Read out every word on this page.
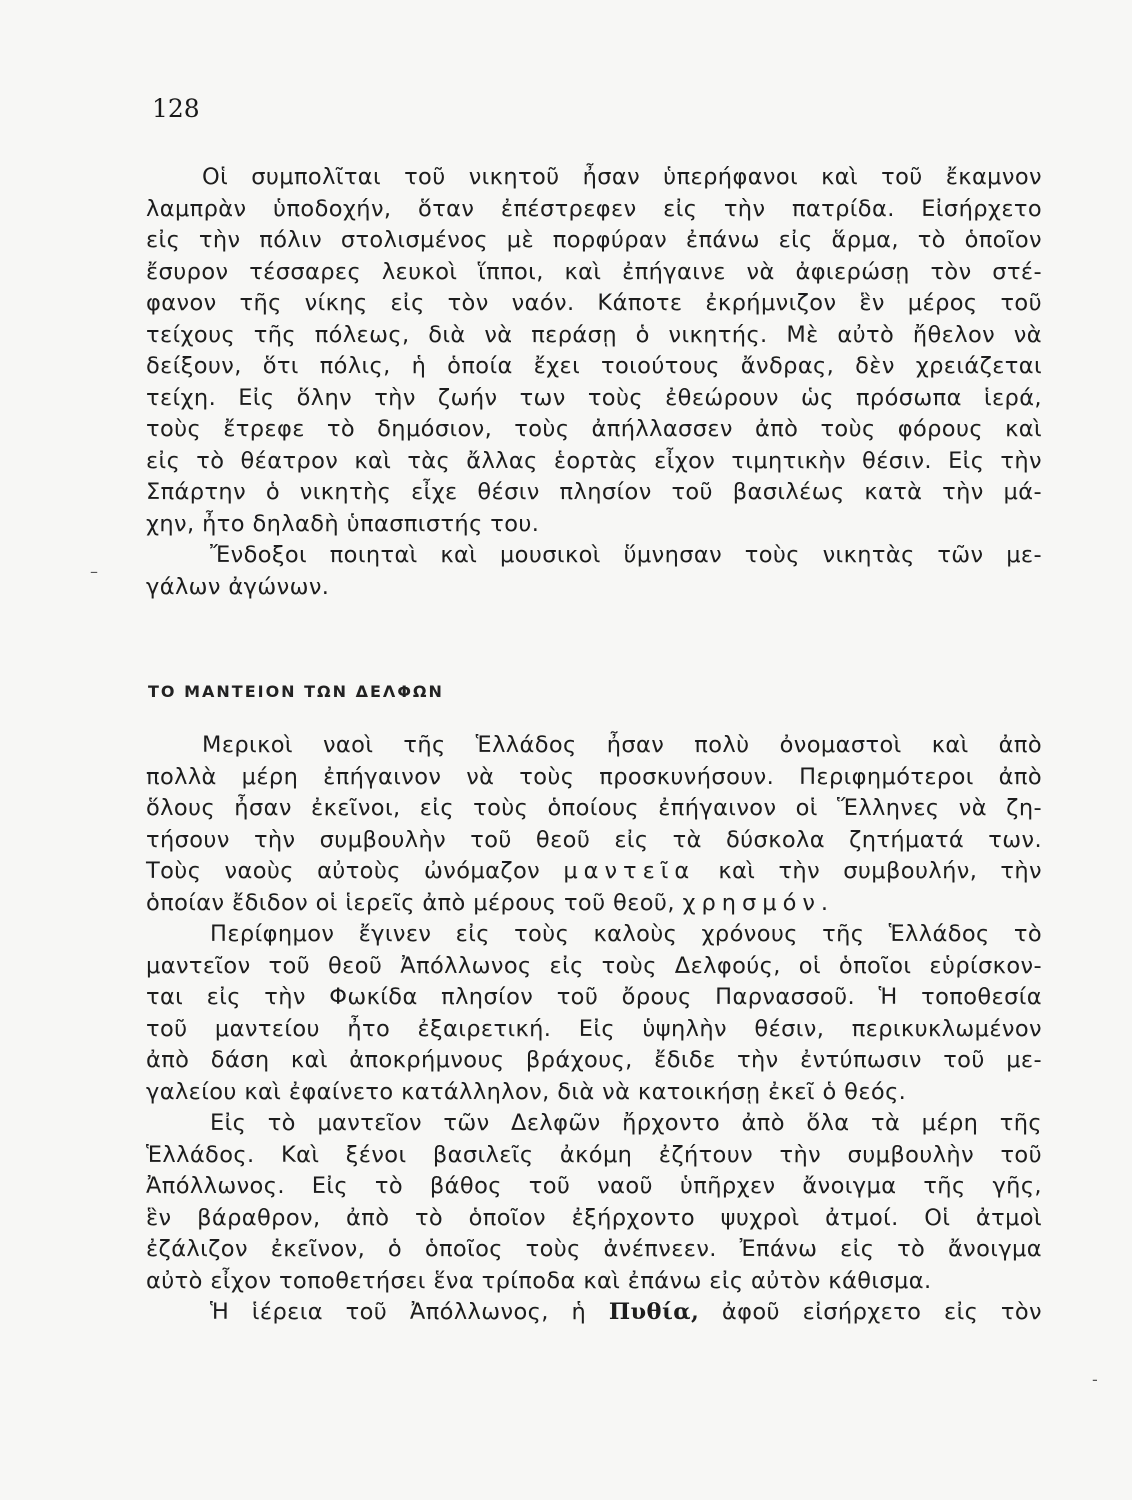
128
Οἱ συμπολῖται τοῦ νικητοῦ ἦσαν ὑπερήφανοι καὶ τοῦ ἔκαμνον
λαμπρὰν ὑποδοχήν, ὅταν ἐπέστρεφεν εἰς τὴν πατρίδα. Εἰσήρχετο
εἰς τὴν πόλιν στολισμένος μὲ πορφύραν ἐπάνω εἰς ἅρμα, τὸ ὁποῖον
ἔσυρον τέσσαρες λευκοὶ ἵπποι, καὶ ἐπήγαινε νὰ ἀφιερώσῃ τὸν στέ-
φανον τῆς νίκης εἰς τὸν ναόν. Κάποτε ἐκρήμνιζον ἓν μέρος τοῦ
τείχους τῆς πόλεως, διὰ νὰ περάσῃ ὁ νικητής. Μὲ αὐτὸ ἤθελον νὰ
δείξουν, ὅτι πόλις, ἡ ὁποία ἔχει τοιούτους ἄνδρας, δὲν χρειάζεται
τείχη. Εἰς ὅλην τὴν ζωήν των τοὺς ἐθεώρουν ὡς πρόσωπα ἱερά,
τοὺς ἔτρεφε τὸ δημόσιον, τοὺς ἀπήλλασσεν ἀπὸ τοὺς φόρους καὶ
εἰς τὸ θέατρον καὶ τὰς ἄλλας ἑορτὰς εἶχον τιμητικὴν θέσιν. Εἰς τὴν
Σπάρτην ὁ νικητὴς εἶχε θέσιν πλησίον τοῦ βασιλέως κατὰ τὴν μά-
χην, ἦτο δηλαδὴ ὑπασπιστής του.
Ἔνδοξοι ποιηταὶ καὶ μουσικοὶ ὕμνησαν τοὺς νικητὰς τῶν με-
γάλων ἀγώνων.
ΤΟ ΜΑΝΤΕΙΟΝ ΤΩΝ ΔΕΛΦΩΝ
Μερικοὶ ναοὶ τῆς Ἑλλάδος ἦσαν πολὺ ὀνομαστοὶ καὶ ἀπὸ
πολλὰ μέρη ἐπήγαινον νὰ τοὺς προσκυνήσουν. Περιφημότεροι ἀπὸ
ὅλους ἦσαν ἐκεῖνοι, εἰς τοὺς ὁποίους ἐπήγαινον οἱ Ἕλληνες νὰ ζη-
τήσουν τὴν συμβουλὴν τοῦ θεοῦ εἰς τὰ δύσκολα ζητήματά των.
Τοὺς ναοὺς αὐτοὺς ὠνόμαζον μαντεῖα καὶ τὴν συμβουλήν, τὴν
ὁποίαν ἔδιδον οἱ ἱερεῖς ἀπὸ μέρους τοῦ θεοῦ, χρησμόν.
Περίφημον ἔγινεν εἰς τοὺς καλοὺς χρόνους τῆς Ἑλλάδος τὸ
μαντεῖον τοῦ θεοῦ Ἀπόλλωνος εἰς τοὺς Δελφούς, οἱ ὁποῖοι εὑρίσκον-
ται εἰς τὴν Φωκίδα πλησίον τοῦ ὄρους Παρνασσοῦ. Ἡ τοποθεσία
τοῦ μαντείου ἦτο ἐξαιρετική. Εἰς ὑψηλὴν θέσιν, περικυκλωμένον
ἀπὸ δάση καὶ ἀποκρήμνους βράχους, ἔδιδε τὴν ἐντύπωσιν τοῦ με-
γαλείου καὶ ἐφαίνετο κατάλληλον, διὰ νὰ κατοικήσῃ ἐκεῖ ὁ θεός.
Εἰς τὸ μαντεῖον τῶν Δελφῶν ἤρχοντο ἀπὸ ὅλα τὰ μέρη τῆς
Ἑλλάδος. Καὶ ξένοι βασιλεῖς ἀκόμη ἐζήτουν τὴν συμβουλὴν τοῦ
Ἀπόλλωνος. Εἰς τὸ βάθος τοῦ ναοῦ ὑπῆρχεν ἄνοιγμα τῆς γῆς,
ἓν βάραθρον, ἀπὸ τὸ ὁποῖον ἐξήρχοντο ψυχροὶ ἀτμοί. Οἱ ἀτμοὶ
ἐζάλιζον ἐκεῖνον, ὁ ὁποῖος τοὺς ἀνέπνεεν. Ἐπάνω εἰς τὸ ἄνοιγμα
αὐτὸ εἶχον τοποθετήσει ἕνα τρίποδα καὶ ἐπάνω εἰς αὐτὸν κάθισμα.
Ἡ ἱέρεια τοῦ Ἀπόλλωνος, ἡ Πυθία, ἀφοῦ εἰσήρχετο εἰς τὸν
–
-
